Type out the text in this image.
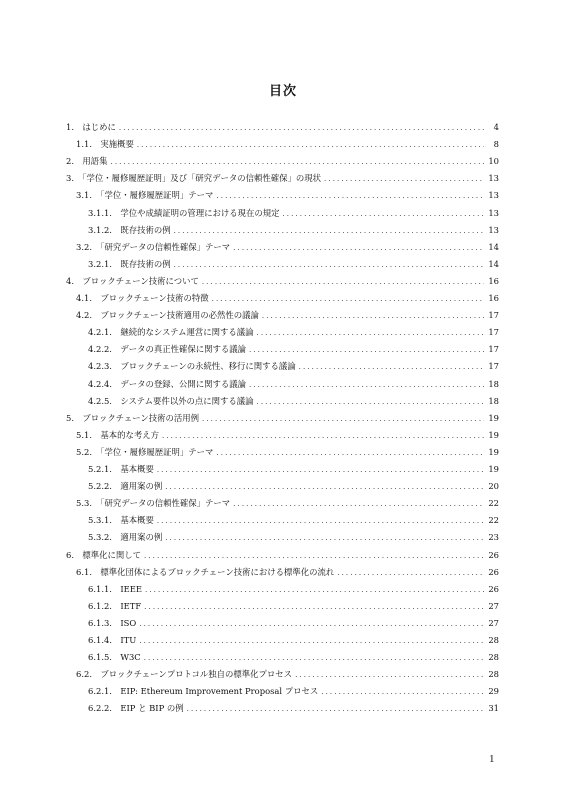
目次
1.　はじめに .....	4
1.1.　実施概要 .....	8
2.　用語集 .....	10
3.　「学位・履修履歴証明」及び「研究データの信頼性確保」の現状 .....	13
3.1.　「学位・履修履歴証明」テーマ .....	13
3.1.1.　学位や成績証明の管理における現在の規定 .....	13
3.1.2.　既存技術の例 .....	13
3.2.　「研究データの信頼性確保」テーマ .....	14
3.2.1.　既存技術の例 .....	14
4.　ブロックチェーン技術について .....	16
4.1.　ブロックチェーン技術の特徴 .....	16
4.2.　ブロックチェーン技術適用の必然性の議論 .....	17
4.2.1.　継続的なシステム運営に関する議論 .....	17
4.2.2.　データの真正性確保に関する議論 .....	17
4.2.3.　ブロックチェーンの永続性、移行に関する議論 .....	17
4.2.4.　データの登録、公開に関する議論 .....	18
4.2.5.　システム要件以外の点に関する議論 .....	18
5.　ブロックチェーン技術の活用例 .....	19
5.1.　基本的な考え方 .....	19
5.2.　「学位・履修履歴証明」テーマ .....	19
5.2.1.　基本概要 .....	19
5.2.2.　適用案の例 .....	20
5.3.　「研究データの信頼性確保」テーマ .....	22
5.3.1.　基本概要 .....	22
5.3.2.　適用案の例 .....	23
6.　標準化に関して .....	26
6.1.　標準化団体によるブロックチェーン技術における標準化の流れ .....	26
6.1.1.　IEEE .....	26
6.1.2.　IETF .....	27
6.1.3.　ISO .....	27
6.1.4.　ITU .....	28
6.1.5.　W3C .....	28
6.2.　ブロックチェーンプロトコル独自の標準化プロセス .....	28
6.2.1.　EIP: Ethereum Improvement Proposal プロセス .....	29
6.2.2.　EIP と BIP の例 .....	31
1
